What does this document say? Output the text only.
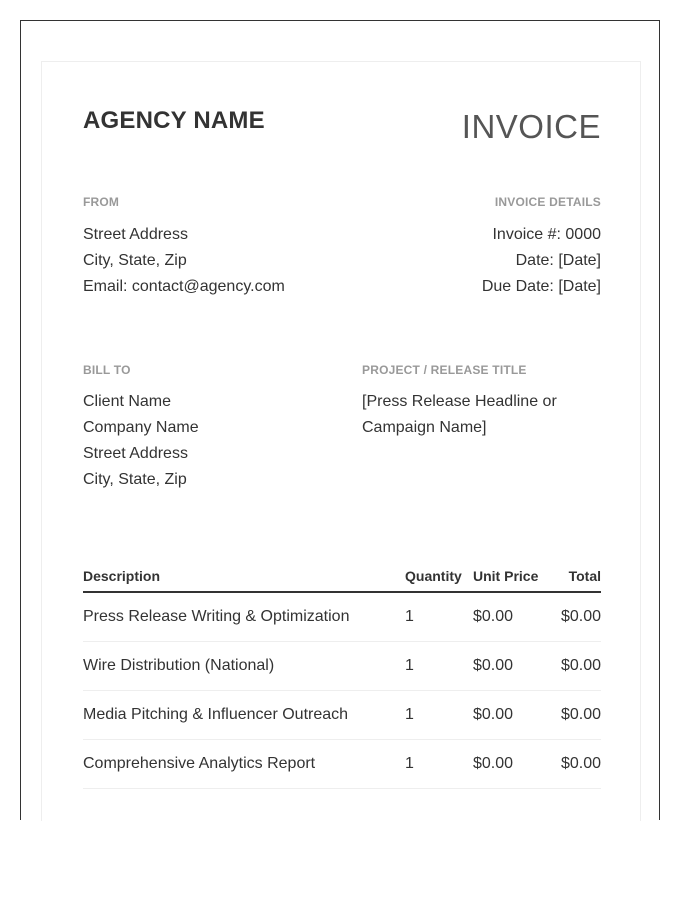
AGENCY NAME	INVOICE
FROM
Street Address
City, State, Zip
Email: contact@agency.com
INVOICE DETAILS
Invoice #: 0000
Date: [Date]
Due Date: [Date]
BILL TO
Client Name
Company Name
Street Address
City, State, Zip
PROJECT / RELEASE TITLE
[Press Release Headline or
Campaign Name]
Description	Quantity	Unit Price	Total
Press Release Writing & Optimization	1	$0.00	$0.00
Wire Distribution (National)	1	$0.00	$0.00
Media Pitching & Influencer Outreach	1	$0.00	$0.00
Comprehensive Analytics Report	1	$0.00	$0.00
